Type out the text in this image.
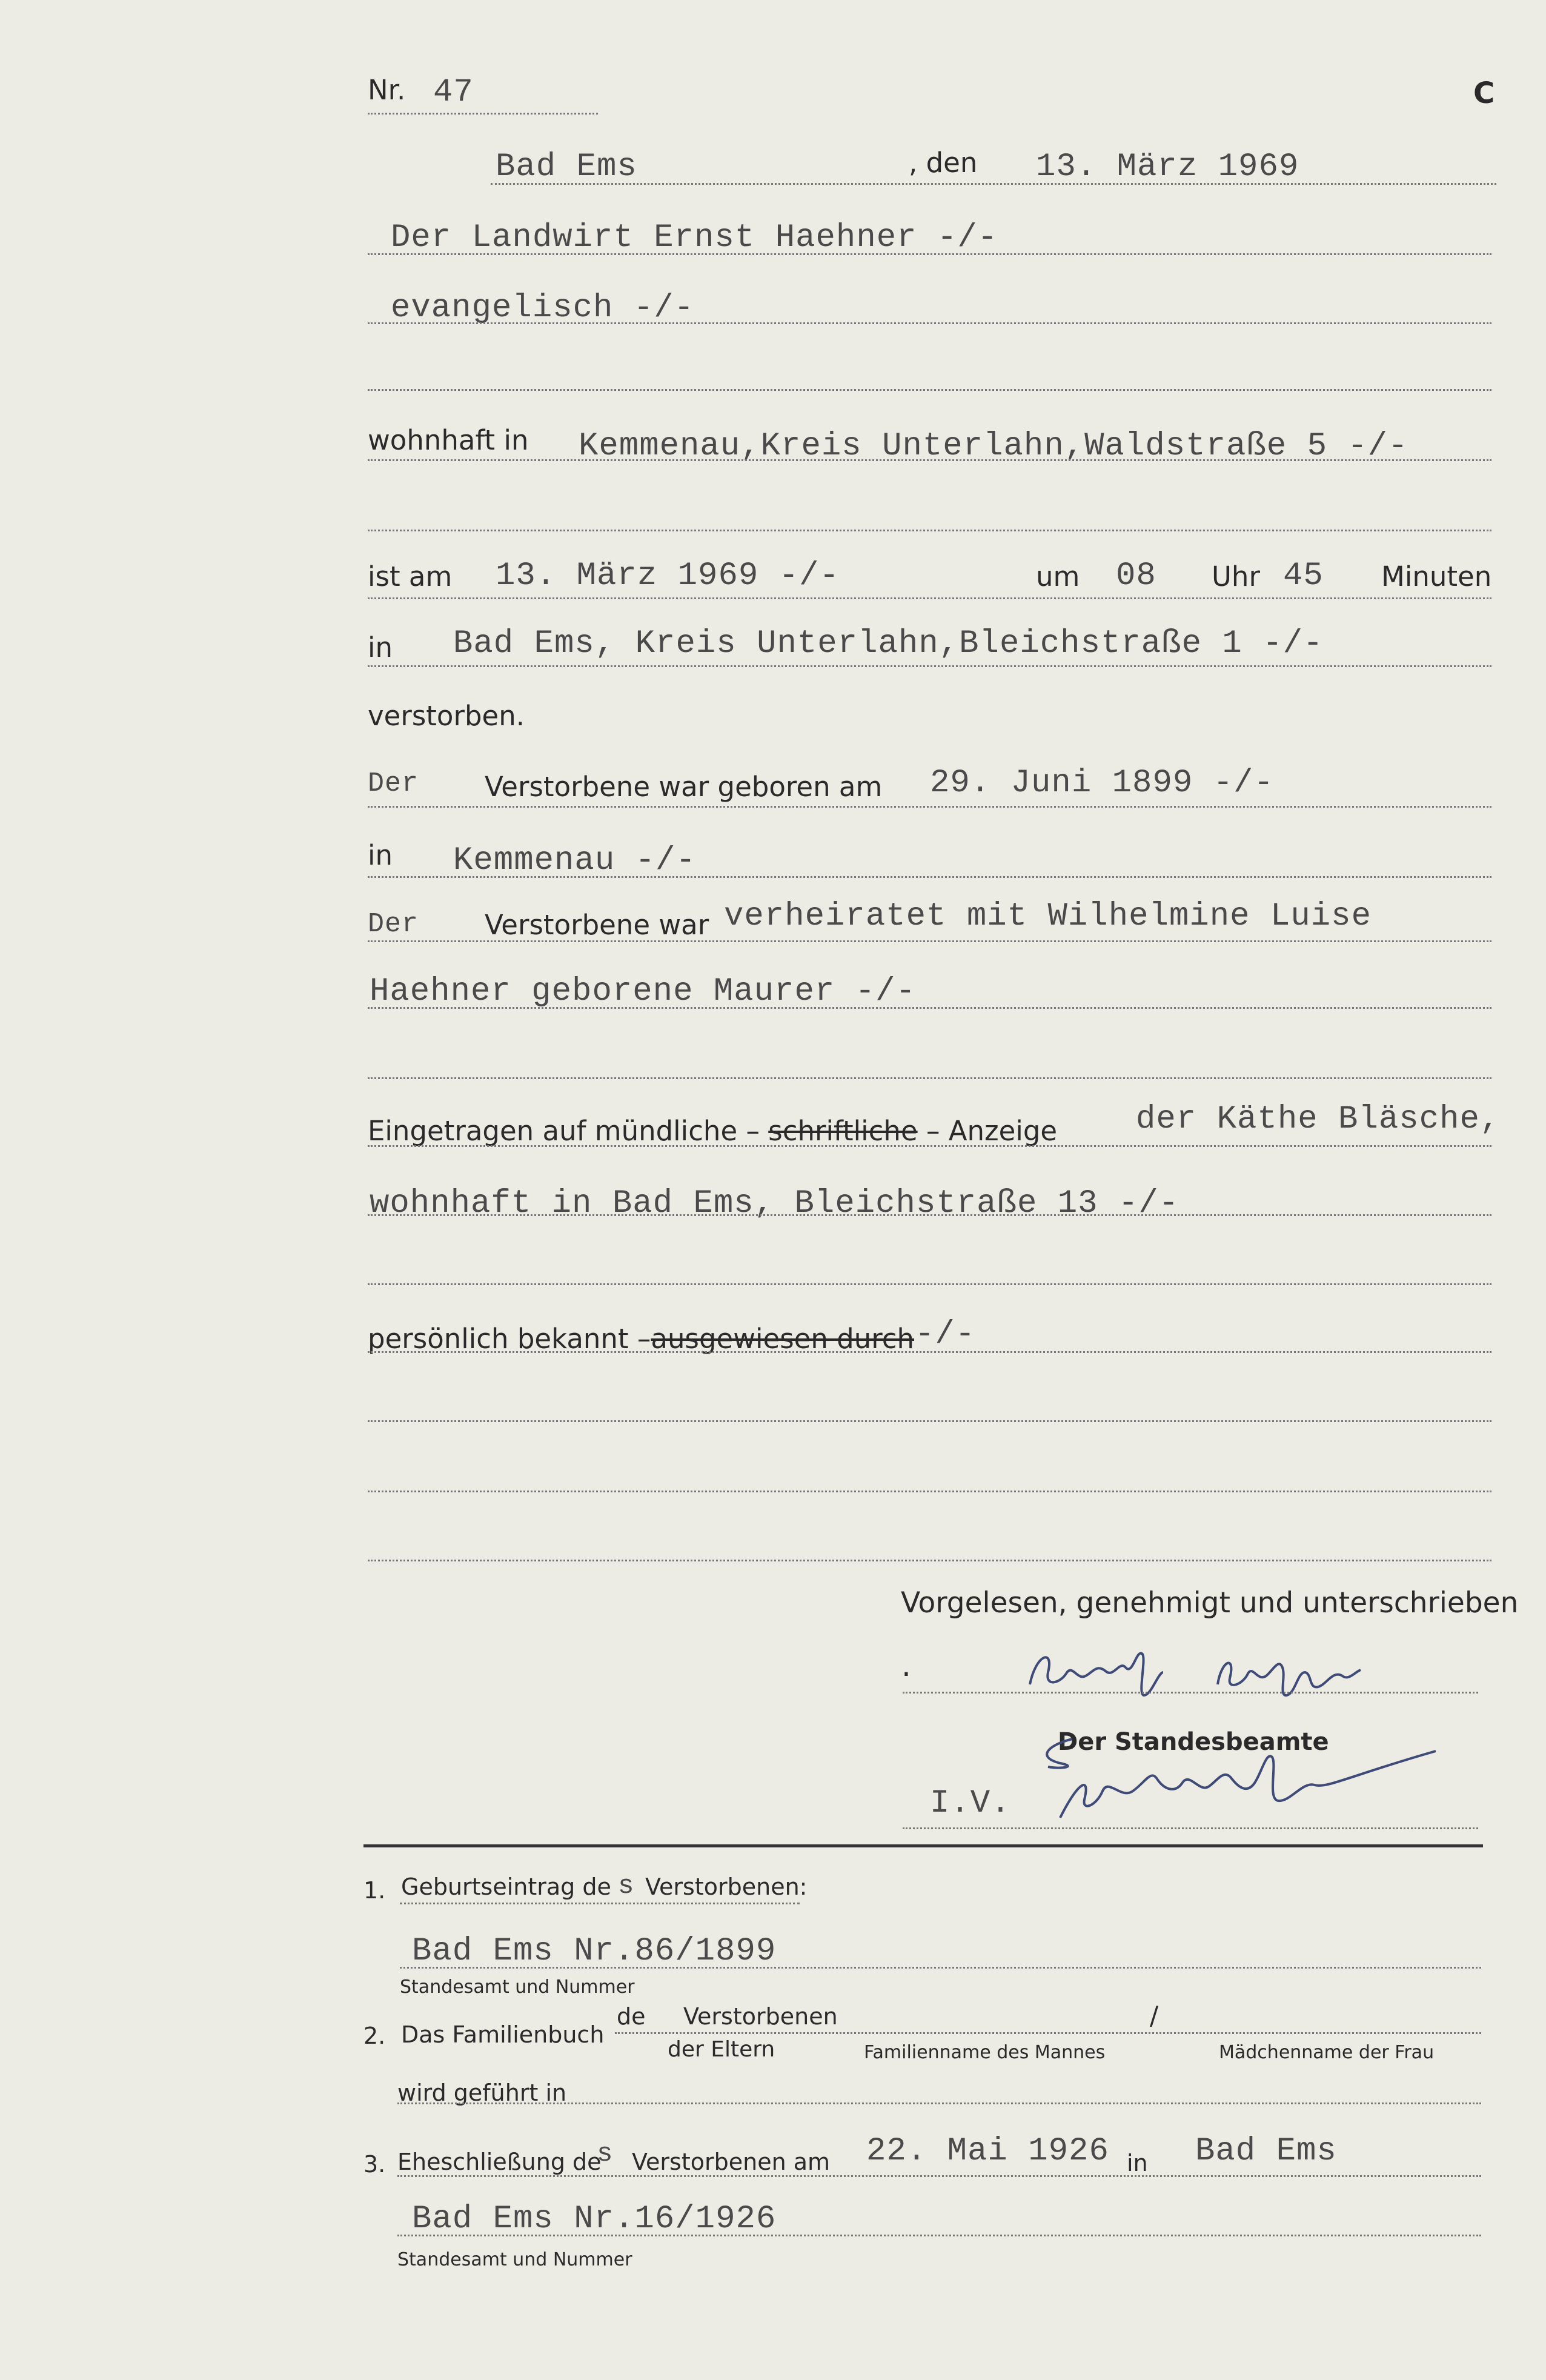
Nr. 47	C
Bad Ems	, den 13. März 1969
Der Landwirt Ernst Haehner -/-
evangelisch -/-
wohnhaft in Kemmenau,Kreis Unterlahn,Waldstraße 5 -/-
ist am 13. März 1969 -/-	um 08 Uhr 45 Minuten
in Bad Ems, Kreis Unterlahn,Bleichstraße 1 -/-
verstorben.
Der Verstorbene war geboren am 29. Juni 1899 -/-
in Kemmenau -/-
Der Verstorbene war verheiratet mit Wilhelmine Luise
Haehner geborene Maurer -/-
Eingetragen auf mündliche – schriftliche – Anzeige der Käthe Bläsche,
wohnhaft in Bad Ems, Bleichstraße 13 -/-
persönlich bekannt –ausgewiesen durch -/-
Vorgelesen, genehmigt und unterschrieben
.
Der Standesbeamte
I.V.
1. Geburtseintrag de s Verstorbenen:
Bad Ems Nr.86/1899
Standesamt und Nummer
2. Das Familienbuch
de Verstorbenen	/
der Eltern	Familienname des Mannes	Mädchenname der Frau
wird geführt in
3. Eheschließung de
s Verstorbenen am 22. Mai 1926 in Bad Ems
Bad Ems Nr.16/1926
Standesamt und Nummer
